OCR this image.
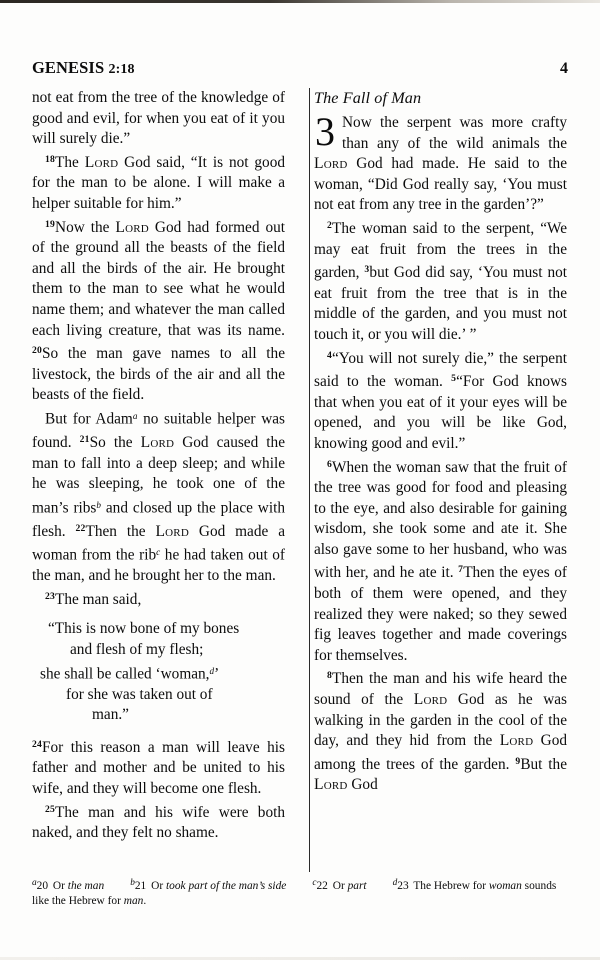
GENESIS 2:18	4

not eat from the tree of the knowledge of good and evil, for when you eat of it you will surely die.”

$^{18}$The Lord God said, “It is not good for the man to be alone. I will make a helper suitable for him.”

$^{19}$Now the Lord God had formed out of the ground all the beasts of the field and all the birds of the air. He brought them to the man to see what he would name them; and whatever the man called each living creature, that was its name. $^{20}$So the man gave names to all the livestock, the birds of the air and all the beasts of the field.

But for Adam$^a$ no suitable helper was found. $^{21}$So the Lord God caused the man to fall into a deep sleep; and while he was sleeping, he took one of the man’s ribs$^b$ and closed up the place with flesh. $^{22}$Then the Lord God made a woman from the rib$^c$ he had taken out of the man, and he brought her to the man.

$^{23}$The man said,

“This is now bone of my bones
and flesh of my flesh;
she shall be called ‘woman,$^d$’
for she was taken out of
man.”

$^{24}$For this reason a man will leave his father and mother and be united to his wife, and they will become one flesh.

$^{25}$The man and his wife were both naked, and they felt no shame.

The Fall of Man

3 Now the serpent was more crafty than any of the wild animals the Lord God had made. He said to the woman, “Did God really say, ‘You must not eat from any tree in the garden’?”

$^2$The woman said to the serpent, “We may eat fruit from the trees in the garden, $^3$but God did say, ‘You must not eat fruit from the tree that is in the middle of the garden, and you must not touch it, or you will die.’ ”

$^4$“You will not surely die,” the serpent said to the woman. $^5$“For God knows that when you eat of it your eyes will be opened, and you will be like God, knowing good and evil.”

$^6$When the woman saw that the fruit of the tree was good for food and pleasing to the eye, and also desirable for gaining wisdom, she took some and ate it. She also gave some to her husband, who was with her, and he ate it. $^7$Then the eyes of both of them were opened, and they realized they were naked; so they sewed fig leaves together and made coverings for themselves.

$^8$Then the man and his wife heard the sound of the Lord God as he was walking in the garden in the cool of the day, and they hid from the Lord God among the trees of the garden. $^9$But the Lord God

$^a$20 Or the man	$^b$21 Or took part of the man’s side	$^c$22 Or part	$^d$23 The Hebrew for woman sounds like the Hebrew for man.
